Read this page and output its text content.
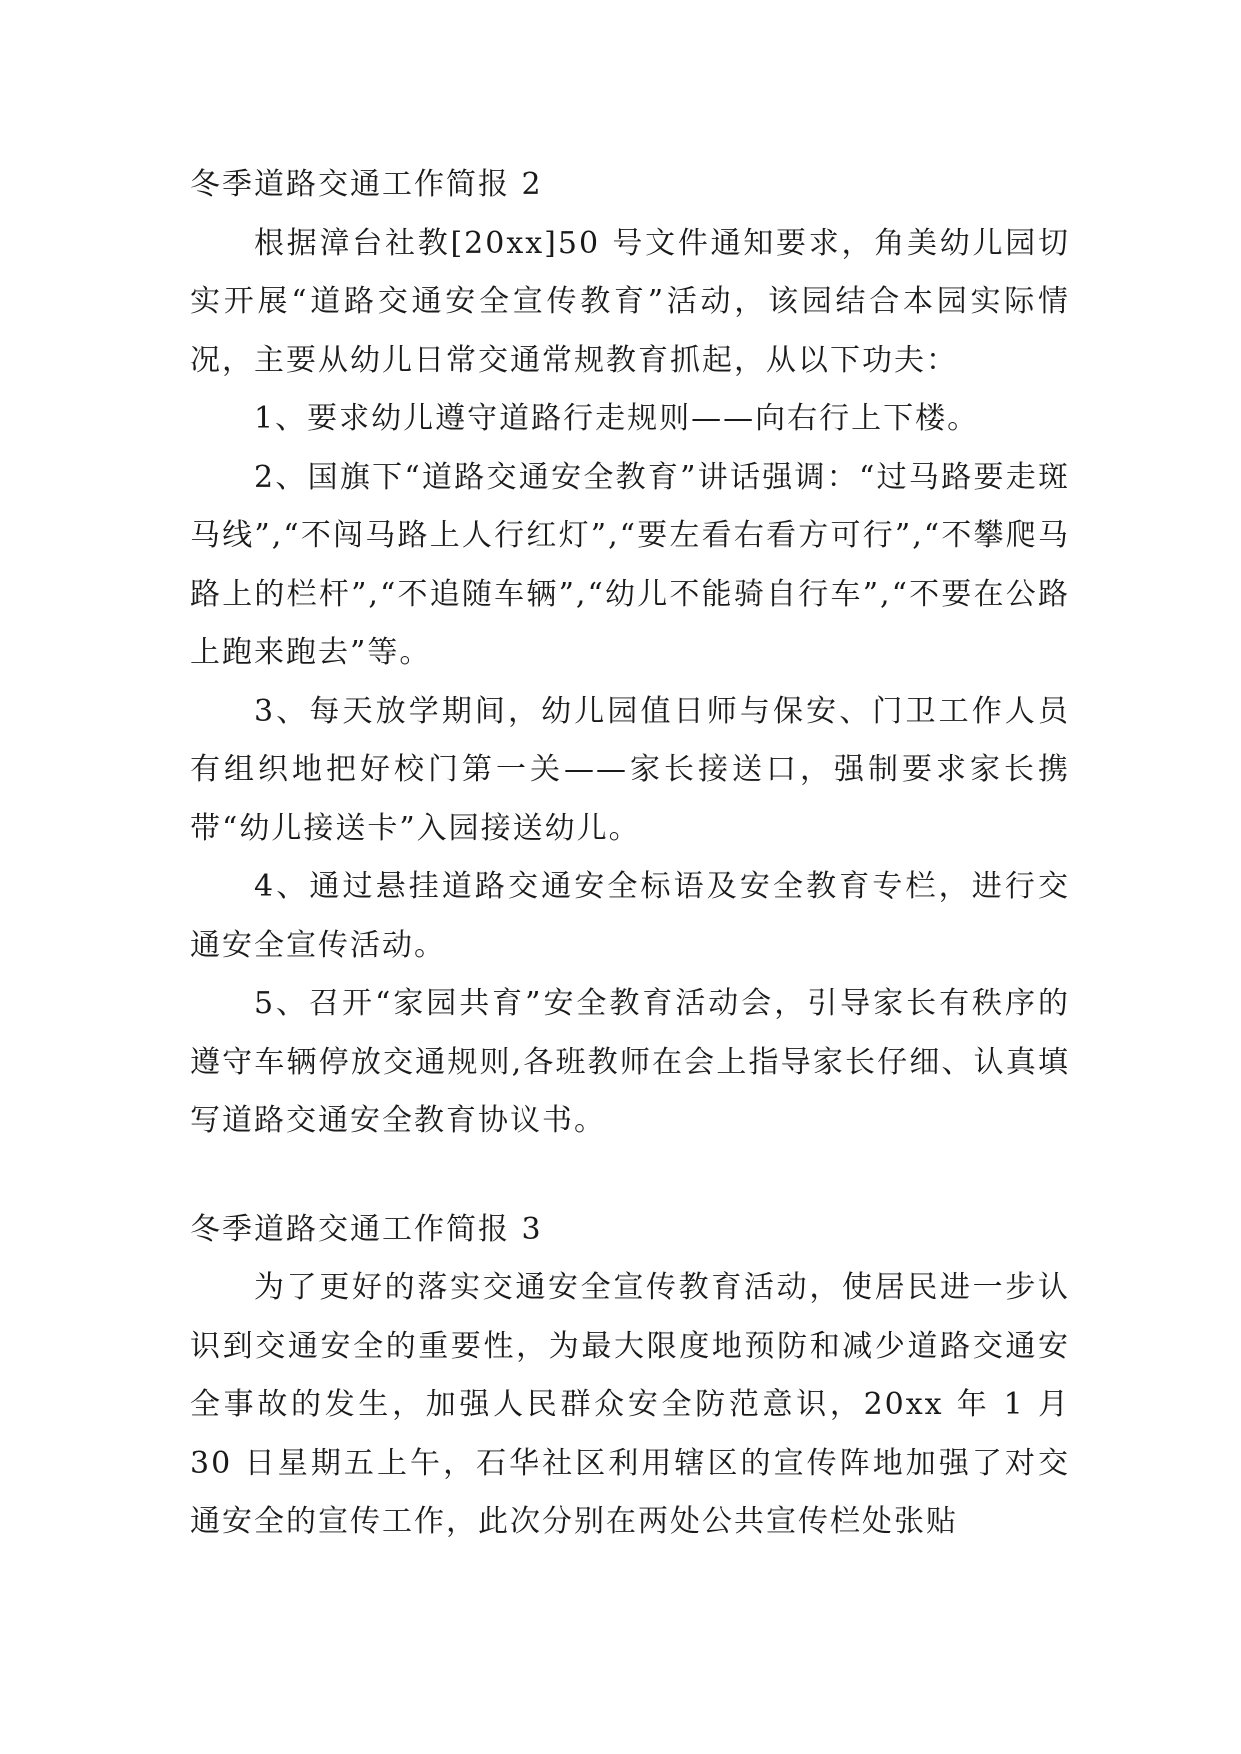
冬季道路交通工作简报 2

根据漳台社教[20xx]50 号文件通知要求，角美幼儿园切实开展“道路交通安全宣传教育”活动，该园结合本园实际情况，主要从幼儿日常交通常规教育抓起，从以下功夫：

1、要求幼儿遵守道路行走规则——向右行上下楼。

2、国旗下“道路交通安全教育”讲话强调：“过马路要走斑马线”,“不闯马路上人行红灯”,“要左看右看方可行”,“不攀爬马路上的栏杆”,“不追随车辆”,“幼儿不能骑自行车”,“不要在公路上跑来跑去”等。

3、每天放学期间，幼儿园值日师与保安、门卫工作人员有组织地把好校门第一关——家长接送口，强制要求家长携带“幼儿接送卡”入园接送幼儿。

4、通过悬挂道路交通安全标语及安全教育专栏，进行交通安全宣传活动。

5、召开“家园共育”安全教育活动会，引导家长有秩序的遵守车辆停放交通规则,各班教师在会上指导家长仔细、认真填写道路交通安全教育协议书。

冬季道路交通工作简报 3

为了更好的落实交通安全宣传教育活动，使居民进一步认识到交通安全的重要性，为最大限度地预防和减少道路交通安全事故的发生，加强人民群众安全防范意识，20xx 年 1 月 30 日星期五上午，石华社区利用辖区的宣传阵地加强了对交通安全的宣传工作，此次分别在两处公共宣传栏处张贴
